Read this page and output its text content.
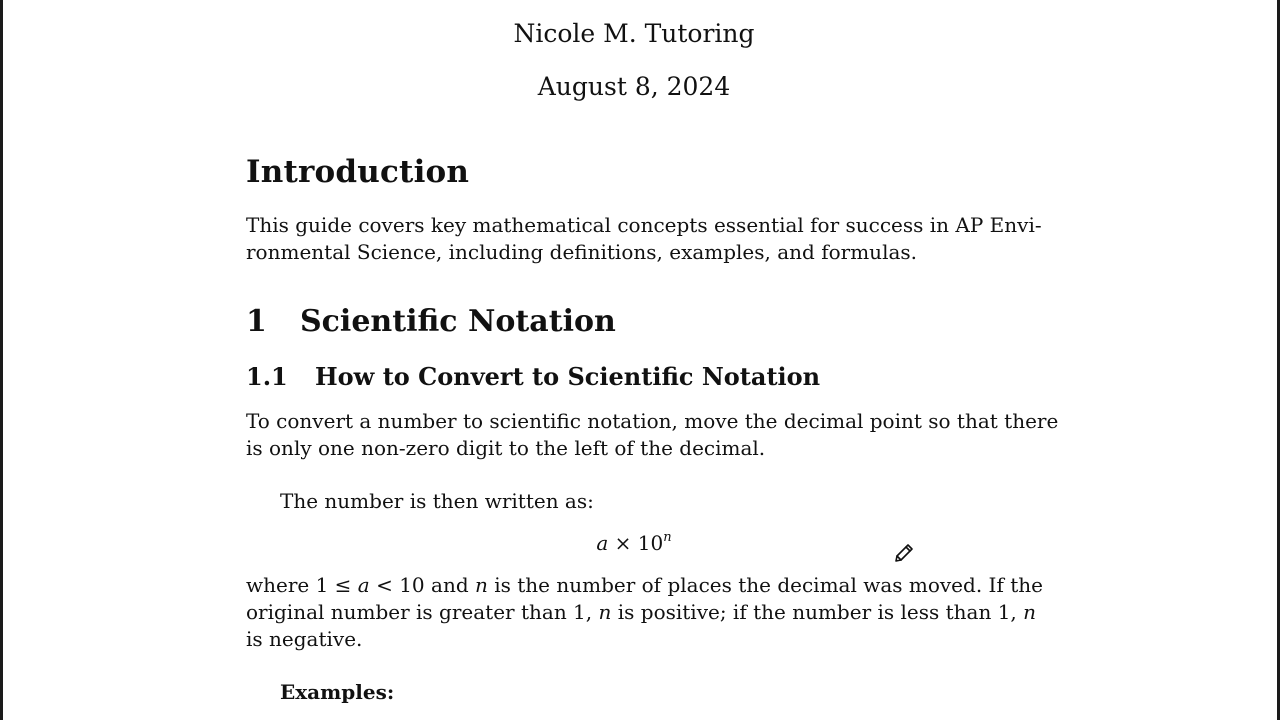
Nicole M. Tutoring
August 8, 2024
Introduction
This guide covers key mathematical concepts essential for success in AP Envi-
ronmental Science, including definitions, examples, and formulas.
1 Scientific Notation
1.1 How to Convert to Scientific Notation
To convert a number to scientific notation, move the decimal point so that there
is only one non-zero digit to the left of the decimal.
The number is then written as:
$a \times 10^n$
where 1 ≤ a < 10 and n is the number of places the decimal was moved. If the
original number is greater than 1, n is positive; if the number is less than 1, n
is negative.
Examples:
